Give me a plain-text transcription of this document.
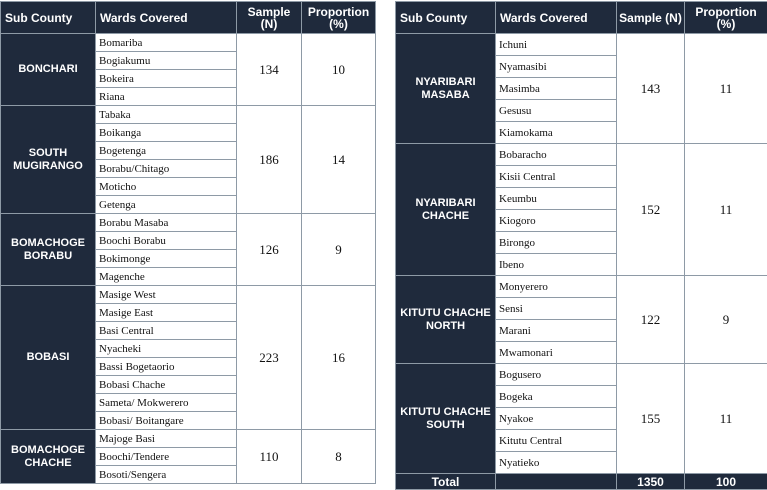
Sub County	Wards Covered	Sample (N)	Proportion (%)
BONCHARI	Bomariba	134	10
	Bogiakumu		
	Bokeira		
	Riana		
SOUTH MUGIRANGO	Tabaka	186	14
	Boikanga		
	Bogetenga		
	Borabu/Chitago		
	Moticho		
	Getenga		
BOMACHOGE BORABU	Borabu Masaba	126	9
	Boochi Borabu		
	Bokimonge		
	Magenche		
BOBASI	Masige West	223	16
	Masige East		
	Basi Central		
	Nyacheki		
	Bassi Bogetaorio		
	Bobasi Chache		
	Sameta/ Mokwerero		
	Bobasi/ Boitangare		
BOMACHOGE CHACHE	Majoge Basi	110	8
	Boochi/Tendere		
	Bosoti/Sengera		
Sub County	Wards Covered	Sample (N)	Proportion (%)
NYARIBARI MASABA	Ichuni	143	11
	Nyamasibi		
	Masimba		
	Gesusu		
	Kiamokama		
NYARIBARI CHACHE	Bobaracho	152	11
	Kisii Central		
	Keumbu		
	Kiogoro		
	Birongo		
	Ibeno		
KITUTU CHACHE NORTH	Monyerero	122	9
	Sensi		
	Marani		
	Mwamonari		
KITUTU CHACHE SOUTH	Bogusero	155	11
	Bogeka		
	Nyakoe		
	Kitutu Central		
	Nyatieko		
Total		1350	100
